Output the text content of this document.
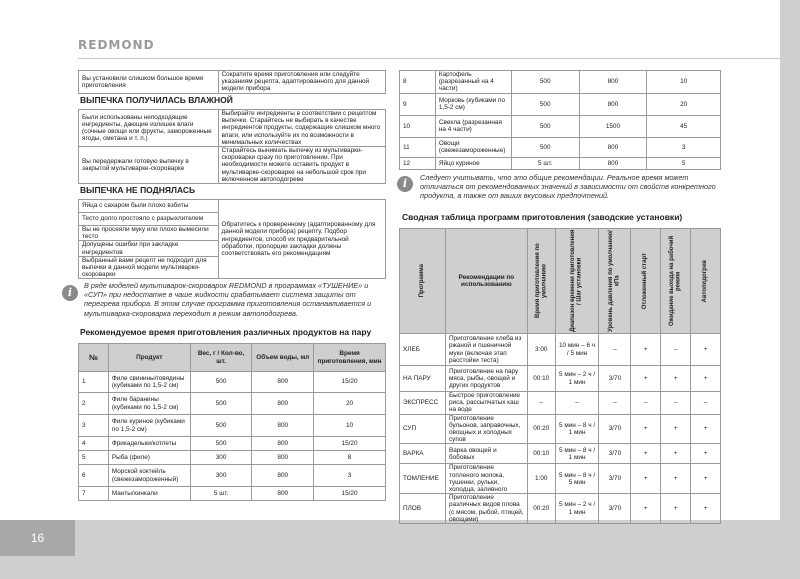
REDMOND
16
Вы установили слишком большое время приготовления	Сократите время приготовления или следуйте указаниям рецепта, адаптированного для данной модели прибора
ВЫПЕЧКА ПОЛУЧИЛАСЬ ВЛАЖНОЙ
Были использованы неподходящие ингредиенты, дающие излишек влаги (сочные овощи или фрукты, замороженные ягоды, сметана и т. п.)	Выбирайте ингредиенты в соответствии с рецептом выпечки. Старайтесь не выбирать в качестве ингредиентов продукты, содержащие слишком много влаги, или используйте их по возможности в минимальных количествах
Вы передержали готовую выпечку в закрытой мультиварке-скороварке	Старайтесь вынимать выпечку из мультиварки-скороварки сразу по приготовлении. При необходимости можете оставить продукт в мультиварке-скороварке на небольшой срок при включенном автоподогреве
ВЫПЕЧКА НЕ ПОДНЯЛАСЬ
Яйца с сахаром были плохо взбиты	Обратитесь к проверенному (адаптированному для данной модели прибора) рецепту. Подбор ингредиентов, способ их предварительной обработки, пропорции закладки должны соответствовать его рекомендациям
Тесто долго простояло с разрыхлителем
Вы не просеяли муку или плохо вымесили тесто
Допущены ошибки при закладке ингредиентов
Выбранный вами рецепт не подходит для выпечки в данной модели мультиварки-скороварки
i
В ряде моделей мультиварок-скороварок REDMOND в программах «ТУШЕНИЕ» и «СУП» при недостатке в чаше жидкости срабатывает система защиты от перегрева прибора. В этом случае программа приготовления останавливается и мультиварка-скороварка переходит в режим автоподогрева.
Рекомендуемое время приготовления различных продуктов на пару
№	Продукт	Вес, г / Кол-во, шт.	Объем воды, мл	Время приготовления, мин
1	Филе свинины/говядины (кубиками по 1,5-2 см)	500	800	15/20
2	Филе баранины (кубиками по 1,5-2 см)	500	800	20
3	Филе куриное (кубиками по 1,5-2 см)	500	800	10
4	Фрикадельки/котлеты	500	800	15/20
5	Рыба (филе)	300	800	8
6	Морской коктейль (свежезамороженный)	300	800	3
7	Манты/хинкали	5 шт.	800	15/20
8	Картофель (разрезанный на 4 части)	500	800	10
9	Морковь (кубиками по 1,5-2 см)	500	800	20
10	Свекла (разрезанная на 4 части)	500	1500	45
11	Овощи (свежезамороженные)	500	800	3
12	Яйцо куриное	5 шт.	800	5
i	Следует учитывать, что это общие рекомендации. Реальное время может отличаться от рекомендованных значений в зависимости от свойств конкретного продукта, а также от ваших вкусовых предпочтений.
Сводная таблица программ приготовления (заводские установки)
Программа	Рекомендации по использованию	Время приготовления по умолчанию	Диапазон времени приготовления / Шаг установки	Уровень давления по умолчанию/кПа	Отложенный старт	Ожидание выхода на рабочий режим	Автоподогрев

ХЛЕБ	Приготовление хлеба из ржаной и пшеничной муки (включая этап расстойки теста)	3:00	10 мин – 6 ч / 5 мин	–	+	–	+
НА ПАРУ	Приготовление на пару мяса, рыбы, овощей и других продуктов	00:10	5 мин – 2 ч / 1 мин	3/70	+	+	+
ЭКСПРЕСС	Быстрое приготовление риса, рассыпчатых каш на воде	–	–	–	–	–	–
СУП	Приготовление бульонов, заправочных, овощных и холодных супов	00:20	5 мин – 8 ч / 1 мин	3/70	+	+	+
ВАРКА	Варка овощей и бобовых	00:10	5 мин – 8 ч / 1 мин	3/70	+	+	+
ТОМЛЕНИЕ	Приготовление топленого молока, тушенки, рульки, холодца, заливного	1:00	5 мин – 8 ч / 5 мин	3/70	+	+	+
ПЛОВ	Приготовление различных видов плова (с мясом, рыбой, птицей, овощами)	00:20	5 мин – 2 ч / 1 мин	3/70	+	+	+
